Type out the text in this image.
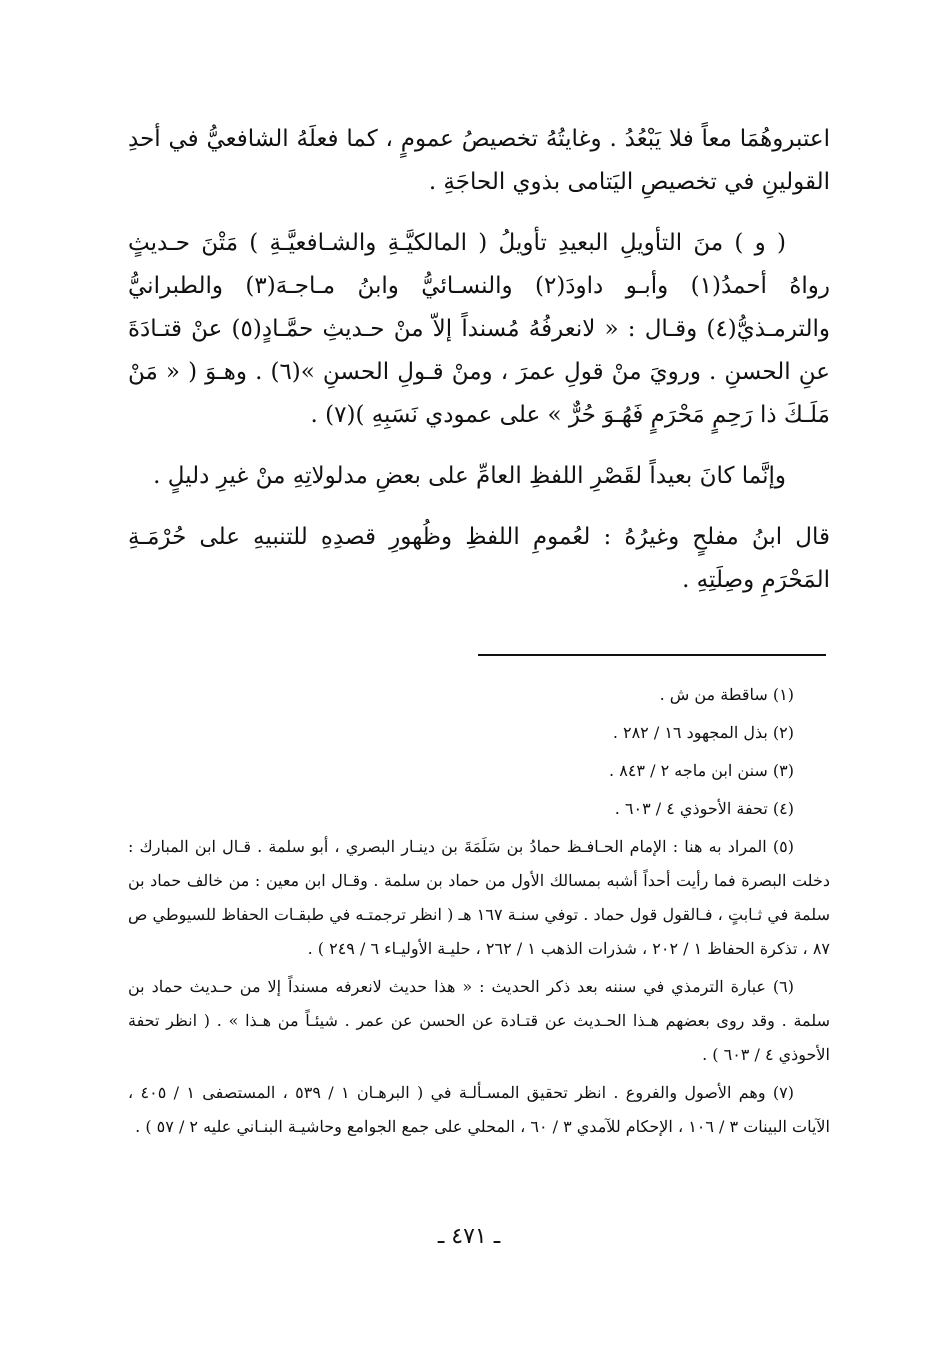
اعتبروهُمَا معاً فلا يَبْعُدُ . وغايتُهُ تخصيصُ عمومٍ ، كما فعلَهُ الشافعيُّ في أحدِ القولينِ في تخصيصِ اليَتامى بذوي الحاجَةِ .

( و ) منَ التأويلِ البعيدِ تأويلُ ( المالكيَّـةِ والشـافعيَّـةِ ) مَتْنَ حـديثٍ رواهُ أحمدُ(١) وأبـو داودَ(٢) والنسـائيُّ وابنُ مـاجـهَ(٣) والطبرانيُّ والترمـذيُّ(٤) وقـال : « لانعرفُهُ مُسنداً إلاّ منْ حـديثِ حمَّـادٍ(٥) عنْ قتـادَةَ عنِ الحسنِ . ورويَ منْ قولِ عمرَ ، ومنْ قـولِ الحسنِ »(٦) . وهـوَ ( « مَنْ مَلَـكَ ذا رَحِمٍ مَحْرَمٍ فَهُـوَ حُرٌّ » على عمودي نَسَبِهِ )(٧) .

وإنَّما كانَ بعيداً لقَصْرِ اللفظِ العامِّ على بعضِ مدلولاتِهِ منْ غيرِ دليلٍ .

قال ابنُ مفلحٍ وغيرُهُ : لعُمومِ اللفظِ وظُهورِ قصدِهِ للتنبيهِ على حُرْمَـةِ المَحْرَمِ وصِلَتِهِ .

(١) ساقطة من ش .

(٢) بذل المجهود ١٦ / ٢٨٢ .

(٣) سنن ابن ماجه ٢ / ٨٤٣ .

(٤) تحفة الأحوذي ٤ / ٦٠٣ .

(٥) المراد به هنا : الإمام الحـافـظ حمادُ بن سَلَمَةَ بن دينـار البصري ، أبو سلمة . قـال ابن المبارك : دخلت البصرة فما رأيت أحداً أشبه بمسالك الأول من حماد بن سلمة . وقـال ابن معين : من خالف حماد بن سلمة في ثـابتٍ ، فـالقول قول حماد . توفي سنـة ١٦٧ هـ ( انظر ترجمتـه في طبقـات الحفاظ للسيوطي ص ٨٧ ، تذكرة الحفاظ ١ / ٢٠٢ ، شذرات الذهب ١ / ٢٦٢ ، حليـة الأوليـاء ٦ / ٢٤٩ ) .

(٦) عبارة الترمذي في سننه بعد ذكر الحديث : « هذا حديث لانعرفه مسنداً إلا من حـديث حماد بن سلمة . وقد روى بعضهم هـذا الحـديث عن قتـادة عن الحسن عن عمر . شيئـاً من هـذا » . ( انظر تحفة الأحوذي ٤ / ٦٠٣ ) .

(٧) وهم الأصول والفروع . انظر تحقيق المسـألـة في ( البرهـان ١ / ٥٣٩ ، المستصفى ١ / ٤٠٥ ، الآيات البينات ٣ / ١٠٦ ، الإحكام للآمدي ٣ / ٦٠ ، المحلي على جمع الجوامع وحاشيـة البنـاني عليه ٢ / ٥٧ ) .

ـ ٤٧١ ـ
